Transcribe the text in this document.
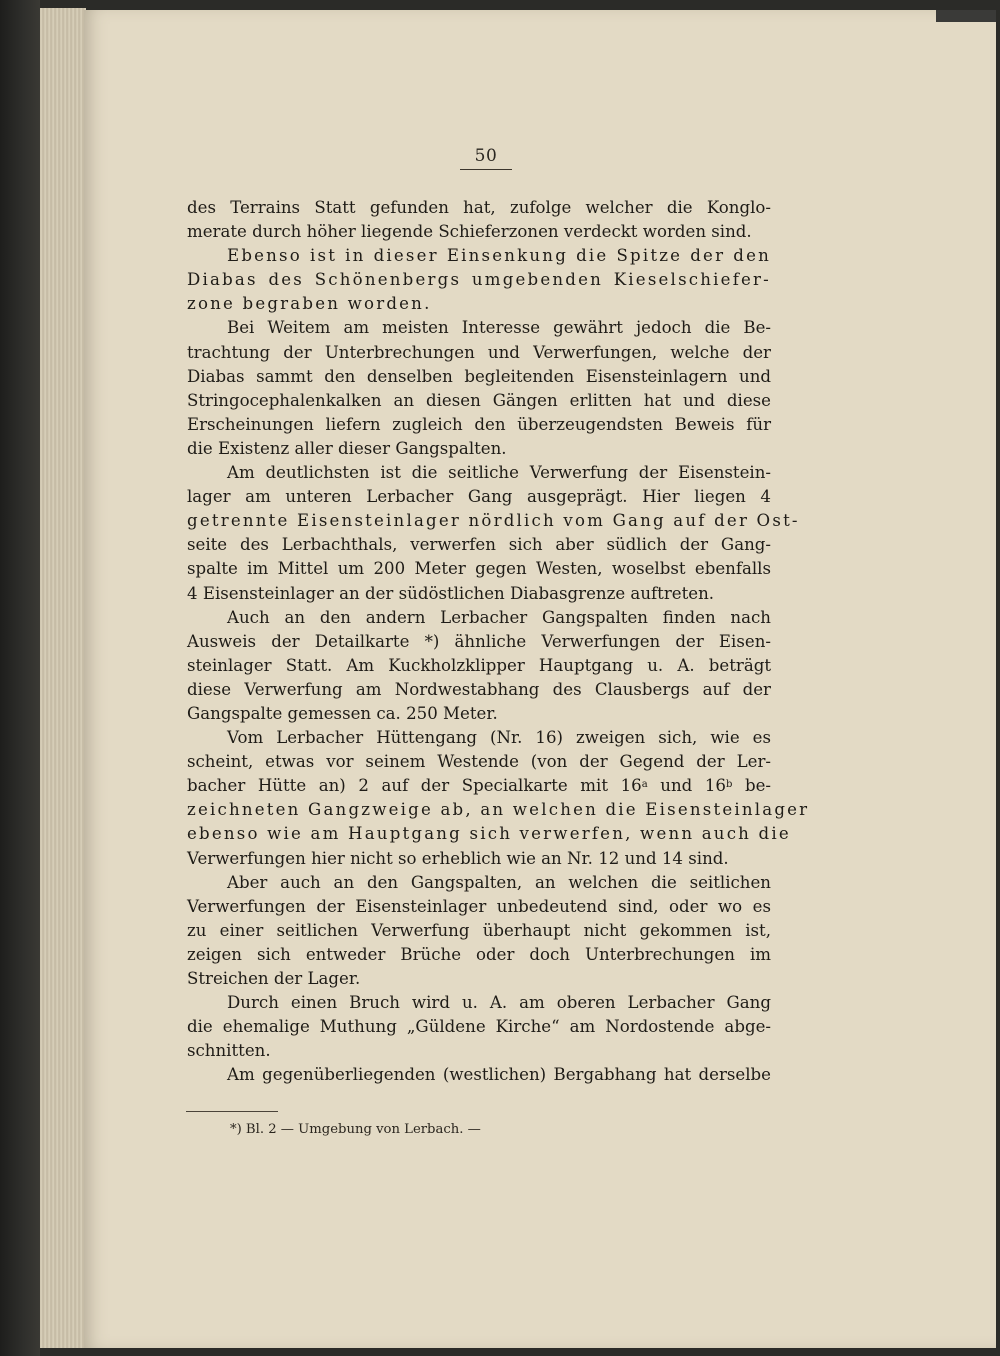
50
des Terrains Statt gefunden hat, zufolge welcher die Konglo-
merate durch höher liegende Schieferzonen verdeckt worden sind.
Ebenso ist in dieser Einsenkung die Spitze der den
Diabas des Schönenbergs umgebenden Kieselschiefer-
zone begraben worden.
Bei Weitem am meisten Interesse gewährt jedoch die Be-
trachtung der Unterbrechungen und Verwerfungen, welche der
Diabas sammt den denselben begleitenden Eisensteinlagern und
Stringocephalenkalken an diesen Gängen erlitten hat und diese
Erscheinungen liefern zugleich den überzeugendsten Beweis für
die Existenz aller dieser Gangspalten.
Am deutlichsten ist die seitliche Verwerfung der Eisenstein-
lager am unteren Lerbacher Gang ausgeprägt. Hier liegen 4
getrennte Eisensteinlager nördlich vom Gang auf der Ost-
seite des Lerbachthals, verwerfen sich aber südlich der Gang-
spalte im Mittel um 200 Meter gegen Westen, woselbst ebenfalls
4 Eisensteinlager an der südöstlichen Diabasgrenze auftreten.
Auch an den andern Lerbacher Gangspalten finden nach
Ausweis der Detailkarte *) ähnliche Verwerfungen der Eisen-
steinlager Statt. Am Kuckholzklipper Hauptgang u. A. beträgt
diese Verwerfung am Nordwestabhang des Clausbergs auf der
Gangspalte gemessen ca. 250 Meter.
Vom Lerbacher Hüttengang (Nr. 16) zweigen sich, wie es
scheint, etwas vor seinem Westende (von der Gegend der Ler-
bacher Hütte an) 2 auf der Specialkarte mit 16$^a$ und 16$^b$ be-
zeichneten Gangzweige ab, an welchen die Eisensteinlager
ebenso wie am Hauptgang sich verwerfen, wenn auch die
Verwerfungen hier nicht so erheblich wie an Nr. 12 und 14 sind.
Aber auch an den Gangspalten, an welchen die seitlichen
Verwerfungen der Eisensteinlager unbedeutend sind, oder wo es
zu einer seitlichen Verwerfung überhaupt nicht gekommen ist,
zeigen sich entweder Brüche oder doch Unterbrechungen im
Streichen der Lager.
Durch einen Bruch wird u. A. am oberen Lerbacher Gang
die ehemalige Muthung „Güldene Kirche“ am Nordostende abge-
schnitten.
Am gegenüberliegenden (westlichen) Bergabhang hat derselbe
*) Bl. 2 — Umgebung von Lerbach. —
